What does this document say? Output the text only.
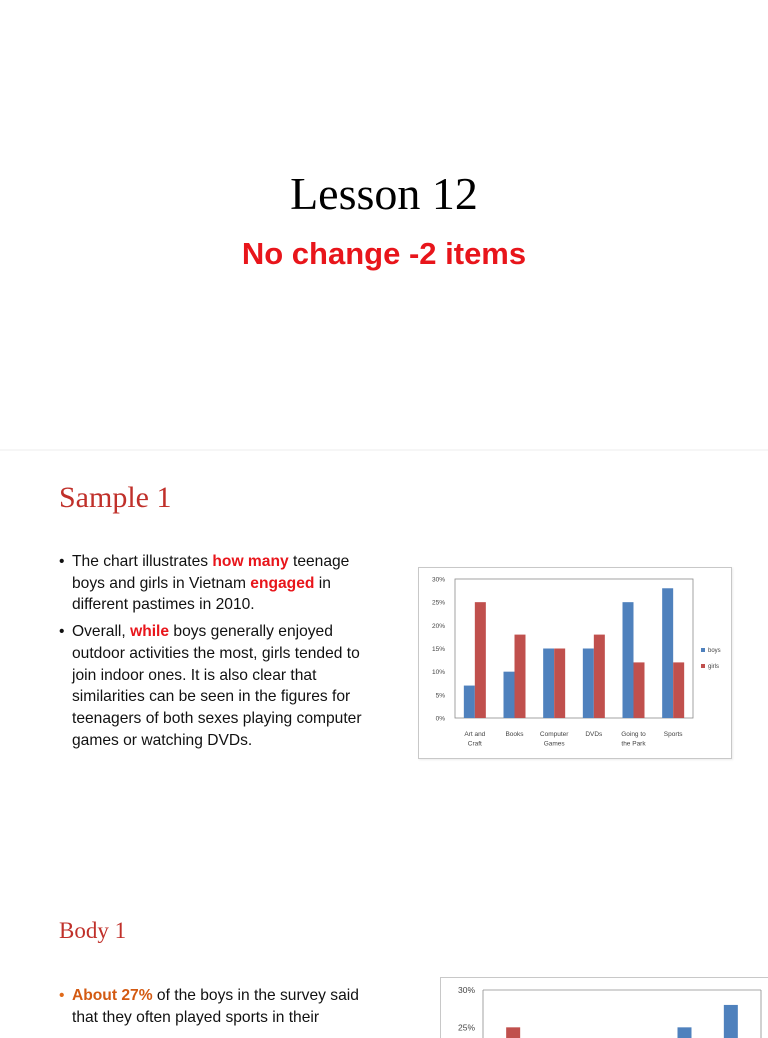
Lesson 12
No change -2 items
Sample 1
• The chart illustrates how many teenage boys and girls in Vietnam engaged in different pastimes in 2010.
• Overall, while boys generally enjoyed outdoor activities the most, girls tended to join indoor ones. It is also clear that similarities can be seen in the figures for teenagers of both sexes playing computer games or watching DVDs.
0%
5%
10%
15%
20%
25%
30%
Art and
Craft
Books	Computer
Games
DVDs	Going to
the Park
Sports
boys
girls
Body 1
• About 27% of the boys in the survey said that they often played sports in their
30%
25%
